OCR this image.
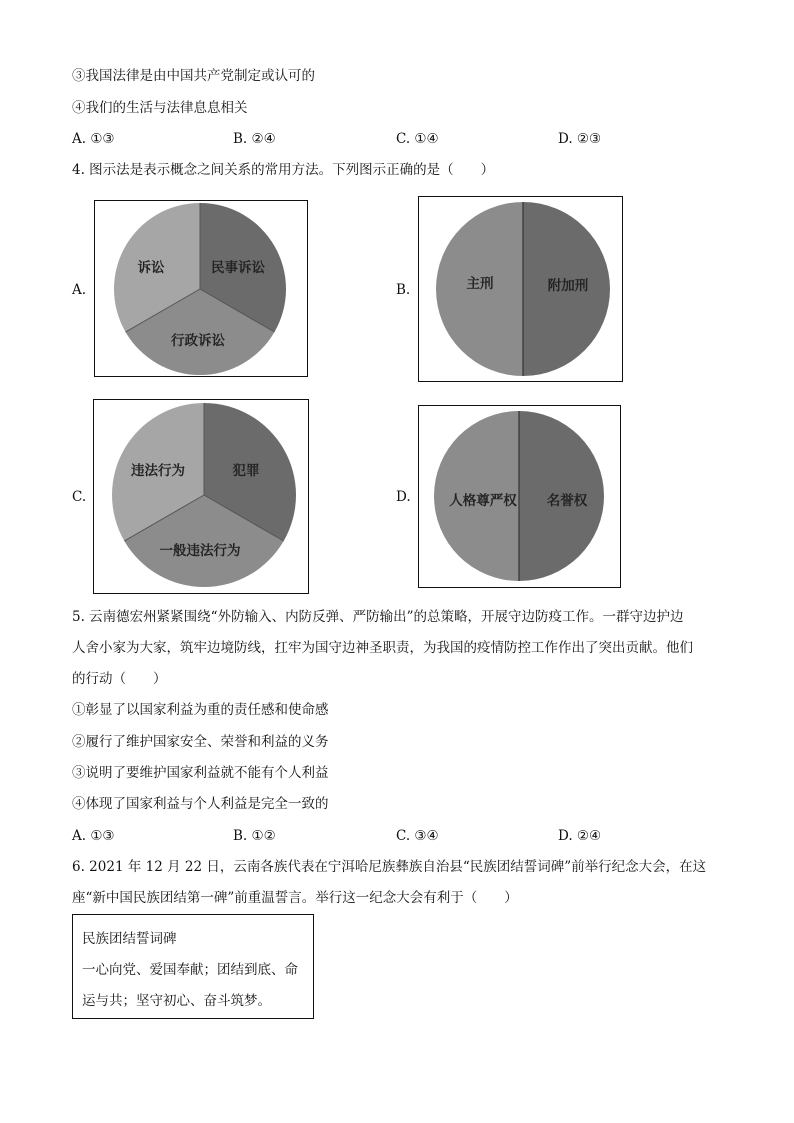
③我国法律是由中国共产党制定或认可的
④我们的生活与法律息息相关
A. ①③	B. ②④	C. ①④	D. ②③
4. 图示法是表示概念之间关系的常用方法。下列图示正确的是（　　）
A.
诉讼	民事诉讼
行政诉讼
B.	主刑	附加刑
C.
违法行为	犯罪
一般违法行为
D.	人格尊严权 名誉权
5. 云南德宏州紧紧围绕“外防输入、内防反弹、严防输出”的总策略，开展守边防疫工作。一群守边护边
人舍小家为大家，筑牢边境防线，扛牢为国守边神圣职责，为我国的疫情防控工作作出了突出贡献。他们
的行动（　　）
①彰显了以国家利益为重的责任感和使命感
②履行了维护国家安全、荣誉和利益的义务
③说明了要维护国家利益就不能有个人利益
④体现了国家利益与个人利益是完全一致的
A. ①③	B. ①②	C. ③④	D. ②④
6. 2021 年 12 月 22 日，云南各族代表在宁洱哈尼族彝族自治县“民族团结誓词碑”前举行纪念大会，在这
座“新中国民族团结第一碑”前重温誓言。举行这一纪念大会有利于（　　）
民族团结誓词碑
一心向党、爱国奉献；团结到底、命
运与共；坚守初心、奋斗筑梦。
